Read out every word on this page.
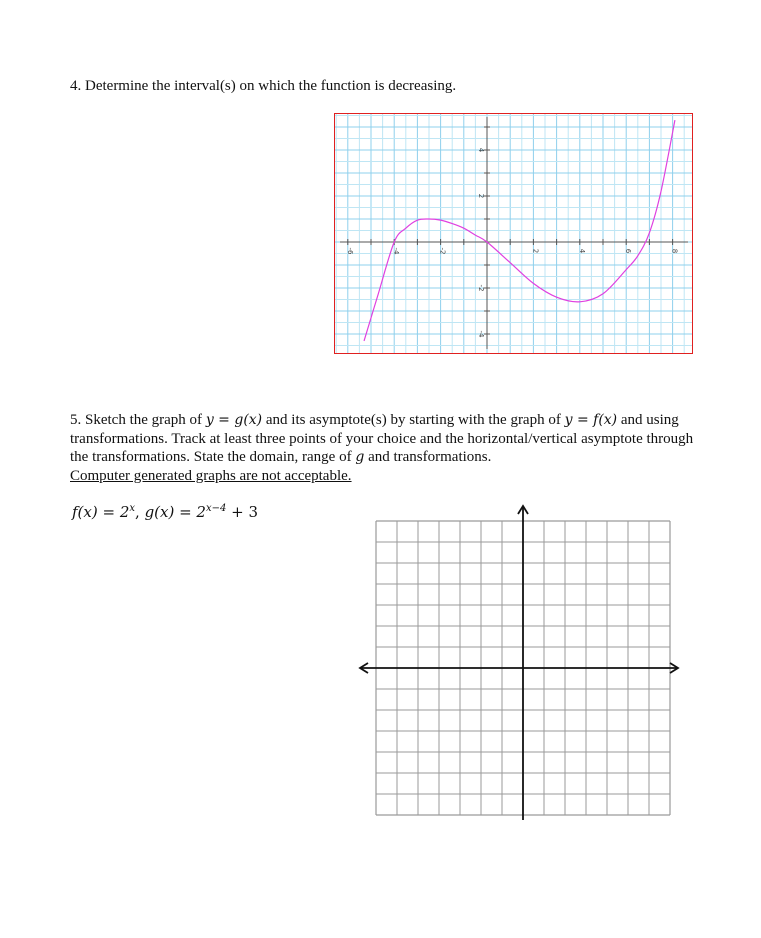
4. Determine the interval(s) on which the function is decreasing.

-6	-4	-2	2	4	6	8
-4
-2
2
4

5. Sketch the graph of y = g(x) and its asymptote(s) by starting with the graph of y = f(x) and using transformations. Track at least three points of your choice and the horizontal/vertical asymptote through the transformations. State the domain, range of g and transformations.
Computer generated graphs are not acceptable.

$f(x) = 2^x$, $g(x) = 2^{x-4} + 3$
